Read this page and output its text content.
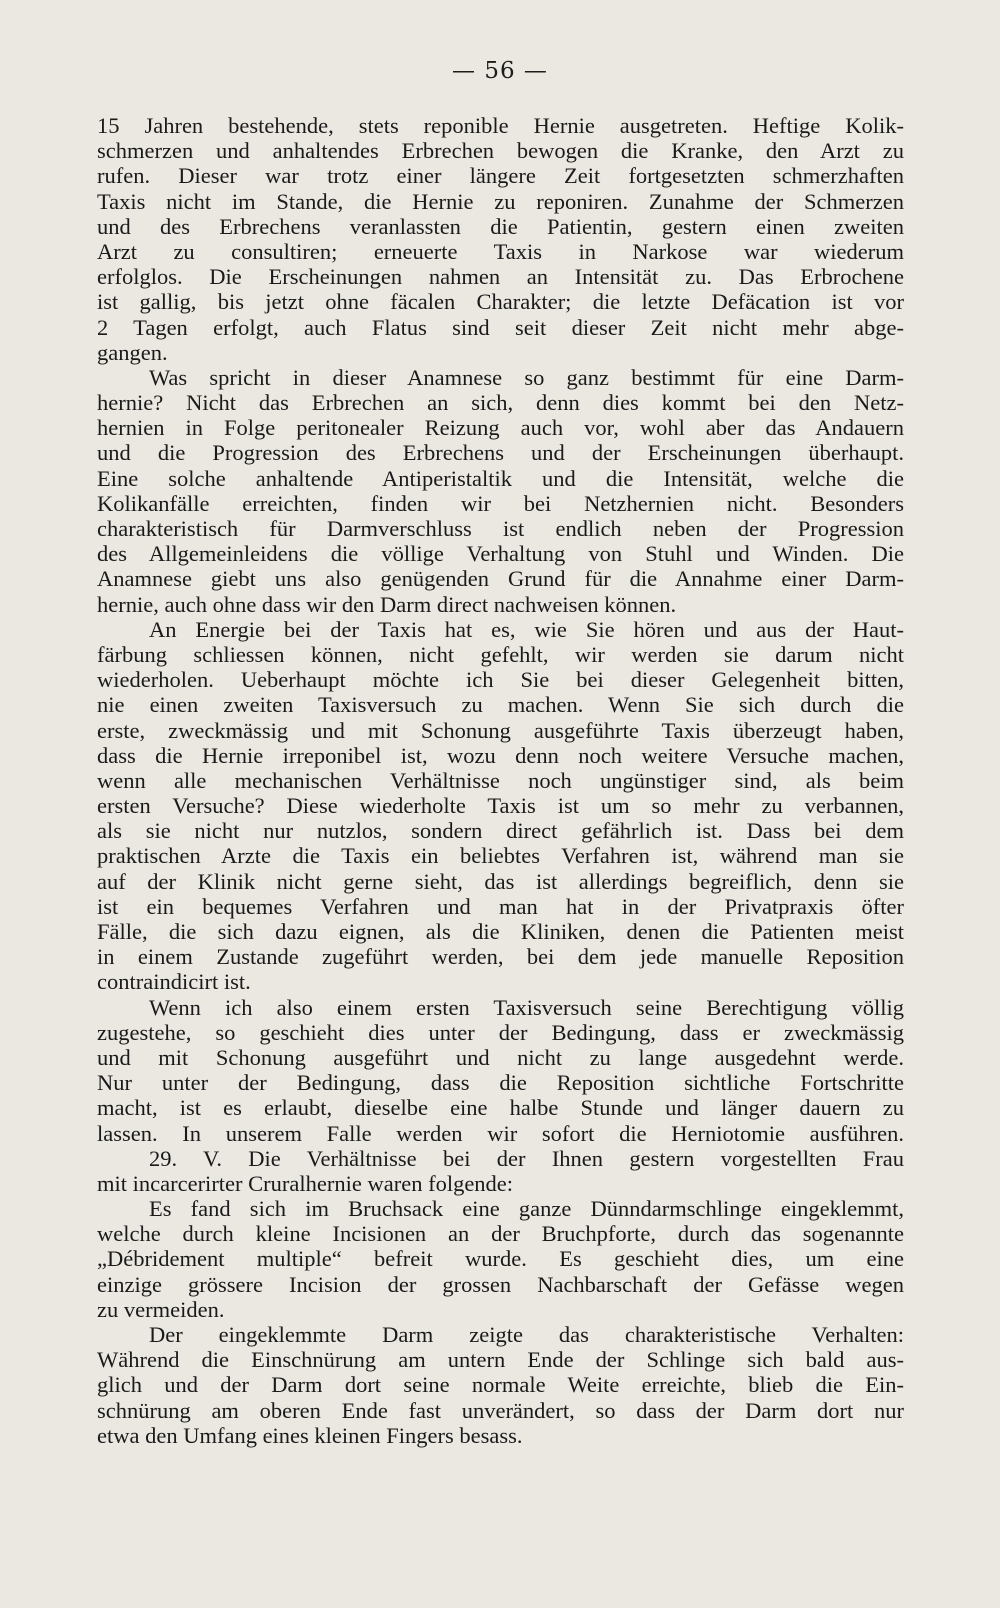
— 56 —
15 Jahren bestehende, stets reponible Hernie ausgetreten. Heftige Kolik-
schmerzen und anhaltendes Erbrechen bewogen die Kranke, den Arzt zu
rufen. Dieser war trotz einer längere Zeit fortgesetzten schmerzhaften
Taxis nicht im Stande, die Hernie zu reponiren. Zunahme der Schmerzen
und des Erbrechens veranlassten die Patientin, gestern einen zweiten
Arzt zu consultiren; erneuerte Taxis in Narkose war wiederum
erfolglos. Die Erscheinungen nahmen an Intensität zu. Das Erbrochene
ist gallig, bis jetzt ohne fäcalen Charakter; die letzte Defäcation ist vor
2 Tagen erfolgt, auch Flatus sind seit dieser Zeit nicht mehr abge-
gangen.
Was spricht in dieser Anamnese so ganz bestimmt für eine Darm-
hernie? Nicht das Erbrechen an sich, denn dies kommt bei den Netz-
hernien in Folge peritonealer Reizung auch vor, wohl aber das Andauern
und die Progression des Erbrechens und der Erscheinungen überhaupt.
Eine solche anhaltende Antiperistaltik und die Intensität, welche die
Kolikanfälle erreichten, finden wir bei Netzhernien nicht. Besonders
charakteristisch für Darmverschluss ist endlich neben der Progression
des Allgemeinleidens die völlige Verhaltung von Stuhl und Winden. Die
Anamnese giebt uns also genügenden Grund für die Annahme einer Darm-
hernie, auch ohne dass wir den Darm direct nachweisen können.
An Energie bei der Taxis hat es, wie Sie hören und aus der Haut-
färbung schliessen können, nicht gefehlt, wir werden sie darum nicht
wiederholen. Ueberhaupt möchte ich Sie bei dieser Gelegenheit bitten,
nie einen zweiten Taxisversuch zu machen. Wenn Sie sich durch die
erste, zweckmässig und mit Schonung ausgeführte Taxis überzeugt haben,
dass die Hernie irreponibel ist, wozu denn noch weitere Versuche machen,
wenn alle mechanischen Verhältnisse noch ungünstiger sind, als beim
ersten Versuche? Diese wiederholte Taxis ist um so mehr zu verbannen,
als sie nicht nur nutzlos, sondern direct gefährlich ist. Dass bei dem
praktischen Arzte die Taxis ein beliebtes Verfahren ist, während man sie
auf der Klinik nicht gerne sieht, das ist allerdings begreiflich, denn sie
ist ein bequemes Verfahren und man hat in der Privatpraxis öfter
Fälle, die sich dazu eignen, als die Kliniken, denen die Patienten meist
in einem Zustande zugeführt werden, bei dem jede manuelle Reposition
contraindicirt ist.
Wenn ich also einem ersten Taxisversuch seine Berechtigung völlig
zugestehe, so geschieht dies unter der Bedingung, dass er zweckmässig
und mit Schonung ausgeführt und nicht zu lange ausgedehnt werde.
Nur unter der Bedingung, dass die Reposition sichtliche Fortschritte
macht, ist es erlaubt, dieselbe eine halbe Stunde und länger dauern zu
lassen. In unserem Falle werden wir sofort die Herniotomie ausführen.
29. V. Die Verhältnisse bei der Ihnen gestern vorgestellten Frau
mit incarcerirter Cruralhernie waren folgende:
Es fand sich im Bruchsack eine ganze Dünndarmschlinge eingeklemmt,
welche durch kleine Incisionen an der Bruchpforte, durch das sogenannte
„Débridement multiple“ befreit wurde. Es geschieht dies, um eine
einzige grössere Incision der grossen Nachbarschaft der Gefässe wegen
zu vermeiden.
Der eingeklemmte Darm zeigte das charakteristische Verhalten:
Während die Einschnürung am untern Ende der Schlinge sich bald aus-
glich und der Darm dort seine normale Weite erreichte, blieb die Ein-
schnürung am oberen Ende fast unverändert, so dass der Darm dort nur
etwa den Umfang eines kleinen Fingers besass.
